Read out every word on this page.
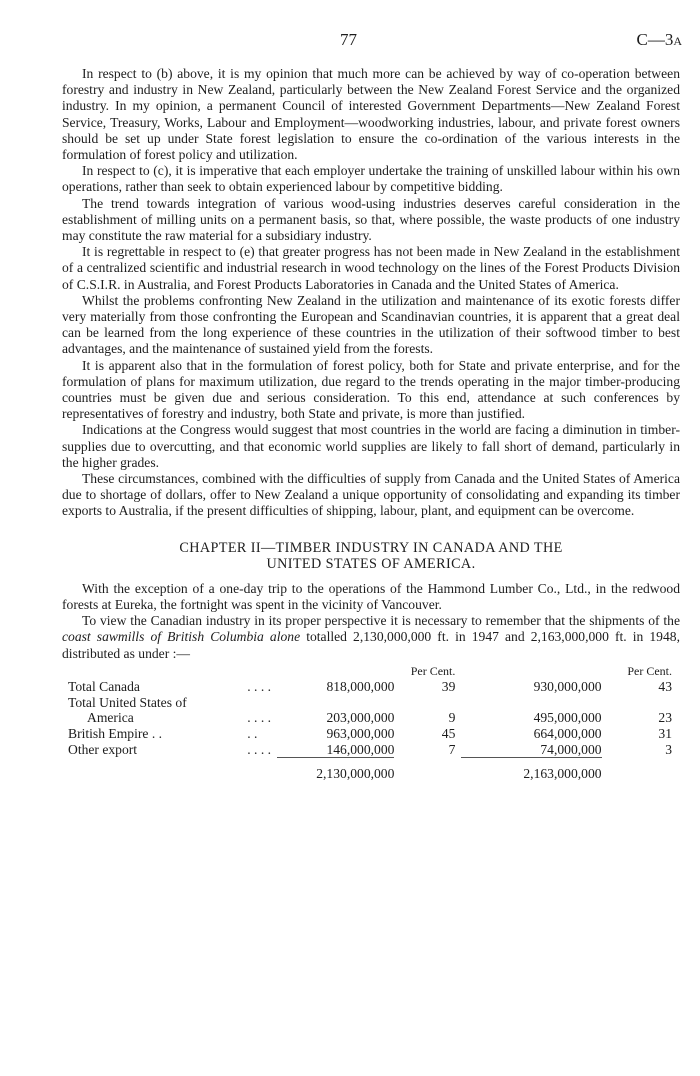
77	C—3A

In respect to (b) above, it is my opinion that much more can be achieved by way of co-operation between forestry and industry in New Zealand, particularly between the New Zealand Forest Service and the organized industry. In my opinion, a permanent Council of interested Government Departments—New Zealand Forest Service, Treasury, Works, Labour and Employment—woodworking industries, labour, and private forest owners should be set up under State forest legislation to ensure the co-ordination of the various interests in the formulation of forest policy and utilization.

In respect to (c), it is imperative that each employer undertake the training of unskilled labour within his own operations, rather than seek to obtain experienced labour by competitive bidding.

The trend towards integration of various wood-using industries deserves careful consideration in the establishment of milling units on a permanent basis, so that, where possible, the waste products of one industry may constitute the raw material for a subsidiary industry.

It is regrettable in respect to (e) that greater progress has not been made in New Zealand in the establishment of a centralized scientific and industrial research in wood technology on the lines of the Forest Products Division of C.S.I.R. in Australia, and Forest Products Laboratories in Canada and the United States of America.

Whilst the problems confronting New Zealand in the utilization and maintenance of its exotic forests differ very materially from those confronting the European and Scandinavian countries, it is apparent that a great deal can be learned from the long experience of these countries in the utilization of their softwood timber to best advantages, and the maintenance of sustained yield from the forests.

It is apparent also that in the formulation of forest policy, both for State and private enterprise, and for the formulation of plans for maximum utilization, due regard to the trends operating in the major timber-producing countries must be given due and serious consideration. To this end, attendance at such conferences by representatives of forestry and industry, both State and private, is more than justified.

Indications at the Congress would suggest that most countries in the world are facing a diminution in timber-supplies due to overcutting, and that economic world supplies are likely to fall short of demand, particularly in the higher grades.

These circumstances, combined with the difficulties of supply from Canada and the United States of America due to shortage of dollars, offer to New Zealand a unique opportunity of consolidating and expanding its timber exports to Australia, if the present difficulties of shipping, labour, plant, and equipment can be overcome.

CHAPTER II—TIMBER INDUSTRY IN CANADA AND THE
UNITED STATES OF AMERICA.

With the exception of a one-day trip to the operations of the Hammond Lumber Co., Ltd., in the redwood forests at Eureka, the fortnight was spent in the vicinity of Vancouver.

To view the Canadian industry in its proper perspective it is necessary to remember that the shipments of the coast sawmills of British Columbia alone totalled 2,130,000,000 ft. in 1947 and 2,163,000,000 ft. in 1948, distributed as under :—

			Per Cent.		Per Cent.
Total Canada	. . . .	818,000,000	39	930,000,000	43
Total United States of					
America	. . . .	203,000,000	9	495,000,000	23
British Empire . .	. .	963,000,000	45	664,000,000	31
Other export	. . . .	146,000,000	7	74,000,000	3

		2,130,000,000		2,163,000,000	
